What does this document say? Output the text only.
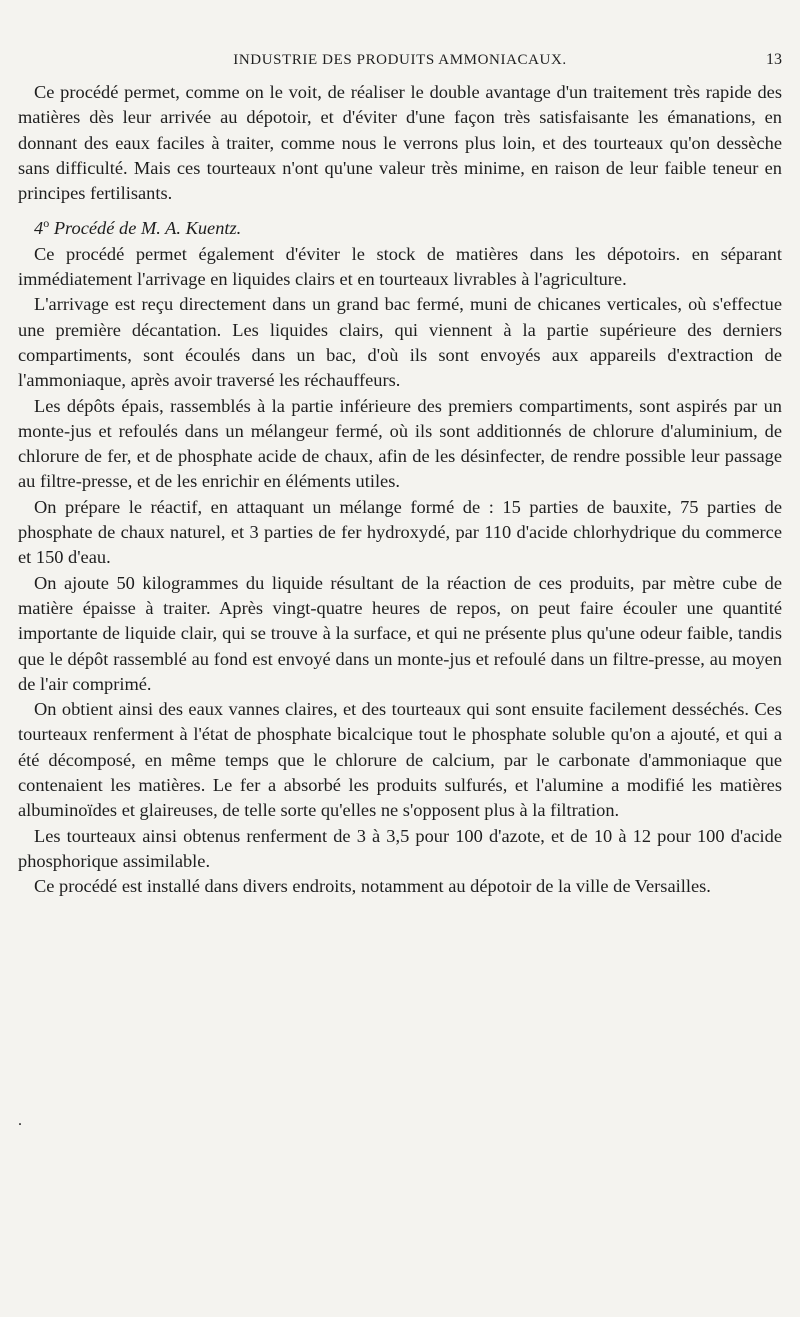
INDUSTRIE DES PRODUITS AMMONIACAUX.	13

Ce procédé permet, comme on le voit, de réaliser le double avantage d'un traitement très rapide des matières dès leur arrivée au dépotoir, et d'éviter d'une façon très satisfaisante les émanations, en donnant des eaux faciles à traiter, comme nous le verrons plus loin, et des tourteaux qu'on dessèche sans difficulté. Mais ces tourteaux n'ont qu'une valeur très minime, en raison de leur faible teneur en principes fertilisants.

4$^o$ Procédé de M. A. Kuentz.

Ce procédé permet également d'éviter le stock de matières dans les dépotoirs. en séparant immédiatement l'arrivage en liquides clairs et en tourteaux livrables à l'agriculture.

L'arrivage est reçu directement dans un grand bac fermé, muni de chicanes verticales, où s'effectue une première décantation. Les liquides clairs, qui viennent à la partie supérieure des derniers compartiments, sont écoulés dans un bac, d'où ils sont envoyés aux appareils d'extraction de l'ammoniaque, après avoir traversé les réchauffeurs.

Les dépôts épais, rassemblés à la partie inférieure des premiers compartiments, sont aspirés par un monte-jus et refoulés dans un mélangeur fermé, où ils sont additionnés de chlorure d'aluminium, de chlorure de fer, et de phosphate acide de chaux, afin de les désinfecter, de rendre possible leur passage au filtre-presse, et de les enrichir en éléments utiles.

On prépare le réactif, en attaquant un mélange formé de : 15 parties de bauxite, 75 parties de phosphate de chaux naturel, et 3 parties de fer hydroxydé, par 110 d'acide chlorhydrique du commerce et 150 d'eau.

On ajoute 50 kilogrammes du liquide résultant de la réaction de ces produits, par mètre cube de matière épaisse à traiter. Après vingt-quatre heures de repos, on peut faire écouler une quantité importante de liquide clair, qui se trouve à la surface, et qui ne présente plus qu'une odeur faible, tandis que le dépôt rassemblé au fond est envoyé dans un monte-jus et refoulé dans un filtre-presse, au moyen de l'air comprimé.

On obtient ainsi des eaux vannes claires, et des tourteaux qui sont ensuite facilement desséchés. Ces tourteaux renferment à l'état de phosphate bicalcique tout le phosphate soluble qu'on a ajouté, et qui a été décomposé, en même temps que le chlorure de calcium, par le carbonate d'ammoniaque que contenaient les matières. Le fer a absorbé les produits sulfurés, et l'alumine a modifié les matières albuminoïdes et glaireuses, de telle sorte qu'elles ne s'opposent plus à la filtration.

Les tourteaux ainsi obtenus renferment de 3 à 3,5 pour 100 d'azote, et de 10 à 12 pour 100 d'acide phosphorique assimilable.

Ce procédé est installé dans divers endroits, notamment au dépotoir de la ville de Versailles.

.
